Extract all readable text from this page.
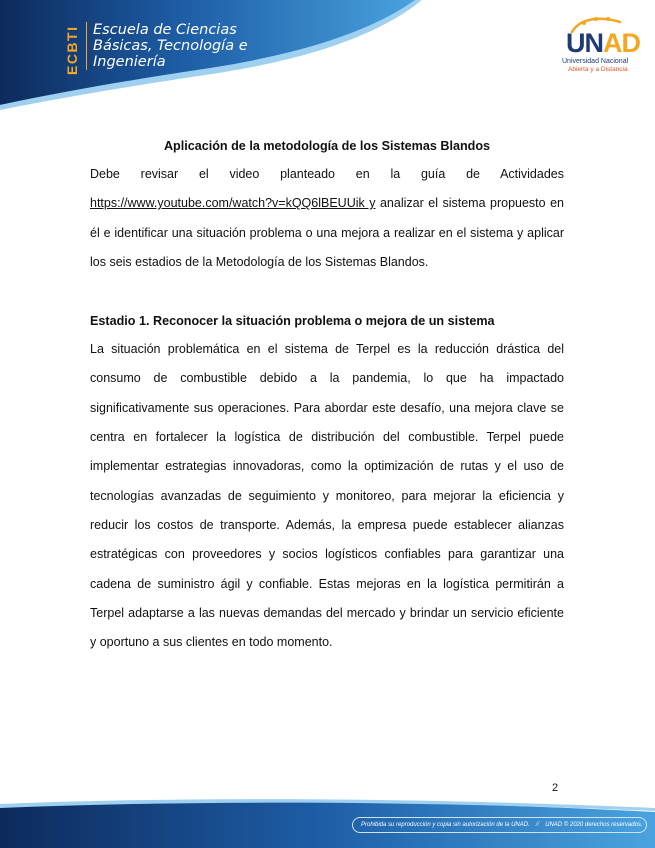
ECBTI Escuela de Ciencias
Básicas, Tecnología e
Ingeniería
UNAD
Universidad Nacional
Abierta y a Distancia
Aplicación de la metodología de los Sistemas Blandos
Debe revisar el video planteado en la guía de Actividades https://www.youtube.com/watch?v=kQQ6lBEUUik y analizar el sistema propuesto en él e identificar una situación problema o una mejora a realizar en el sistema y aplicar los seis estadios de la Metodología de los Sistemas Blandos.
Estadio 1. Reconocer la situación problema o mejora de un sistema
La situación problemática en el sistema de Terpel es la reducción drástica del consumo de combustible debido a la pandemia, lo que ha impactado significativamente sus operaciones. Para abordar este desafío, una mejora clave se centra en fortalecer la logística de distribución del combustible. Terpel puede implementar estrategias innovadoras, como la optimización de rutas y el uso de tecnologías avanzadas de seguimiento y monitoreo, para mejorar la eficiencia y reducir los costos de transporte. Además, la empresa puede establecer alianzas estratégicas con proveedores y socios logísticos confiables para garantizar una cadena de suministro ágil y confiable. Estas mejoras en la logística permitirán a Terpel adaptarse a las nuevas demandas del mercado y brindar un servicio eficiente y oportuno a sus clientes en todo momento.
2
Prohibida su reproducción y copia sin autorización de la UNAD. // UNAD © 2020 derechos reservados.
